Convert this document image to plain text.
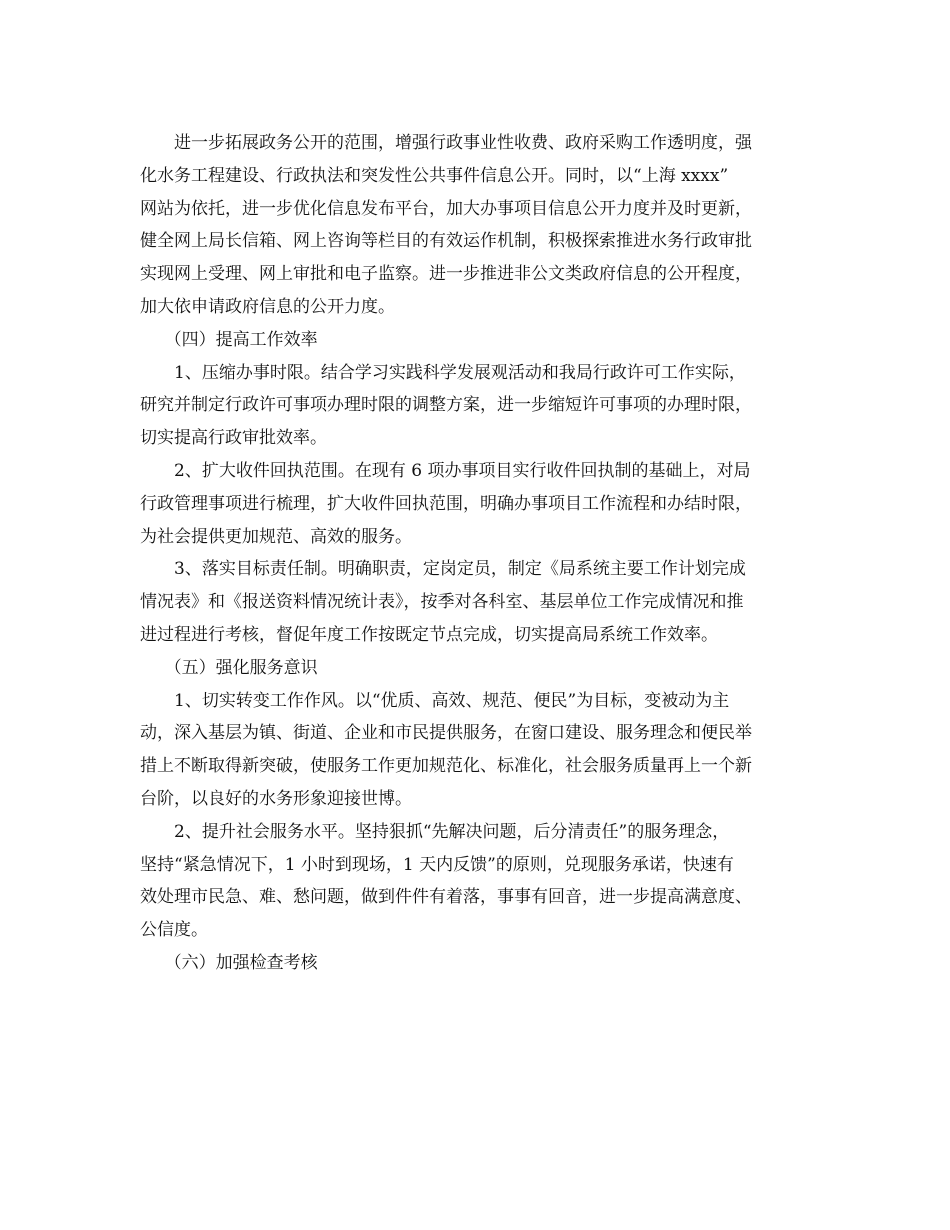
进一步拓展政务公开的范围，增强行政事业性收费、政府采购工作透明度，强
化水务工程建设、行政执法和突发性公共事件信息公开。同时，以“上海 xxxx”
网站为依托，进一步优化信息发布平台，加大办事项目信息公开力度并及时更新，
健全网上局长信箱、网上咨询等栏目的有效运作机制，积极探索推进水务行政审批
实现网上受理、网上审批和电子监察。进一步推进非公文类政府信息的公开程度，
加大依申请政府信息的公开力度。

（四）提高工作效率

1、压缩办事时限。结合学习实践科学发展观活动和我局行政许可工作实际，
研究并制定行政许可事项办理时限的调整方案，进一步缩短许可事项的办理时限，
切实提高行政审批效率。

2、扩大收件回执范围。在现有 6 项办事项目实行收件回执制的基础上，对局
行政管理事项进行梳理，扩大收件回执范围，明确办事项目工作流程和办结时限，
为社会提供更加规范、高效的服务。

3、落实目标责任制。明确职责，定岗定员，制定《局系统主要工作计划完成
情况表》和《报送资料情况统计表》，按季对各科室、基层单位工作完成情况和推
进过程进行考核，督促年度工作按既定节点完成，切实提高局系统工作效率。

（五）强化服务意识

1、切实转变工作作风。以“优质、高效、规范、便民”为目标，变被动为主
动，深入基层为镇、街道、企业和市民提供服务，在窗口建设、服务理念和便民举
措上不断取得新突破，使服务工作更加规范化、标准化，社会服务质量再上一个新
台阶，以良好的水务形象迎接世博。

2、提升社会服务水平。坚持狠抓“先解决问题，后分清责任”的服务理念，
坚持“紧急情况下，1 小时到现场，1 天内反馈”的原则，兑现服务承诺，快速有
效处理市民急、难、愁问题，做到件件有着落，事事有回音，进一步提高满意度、
公信度。

（六）加强检查考核
